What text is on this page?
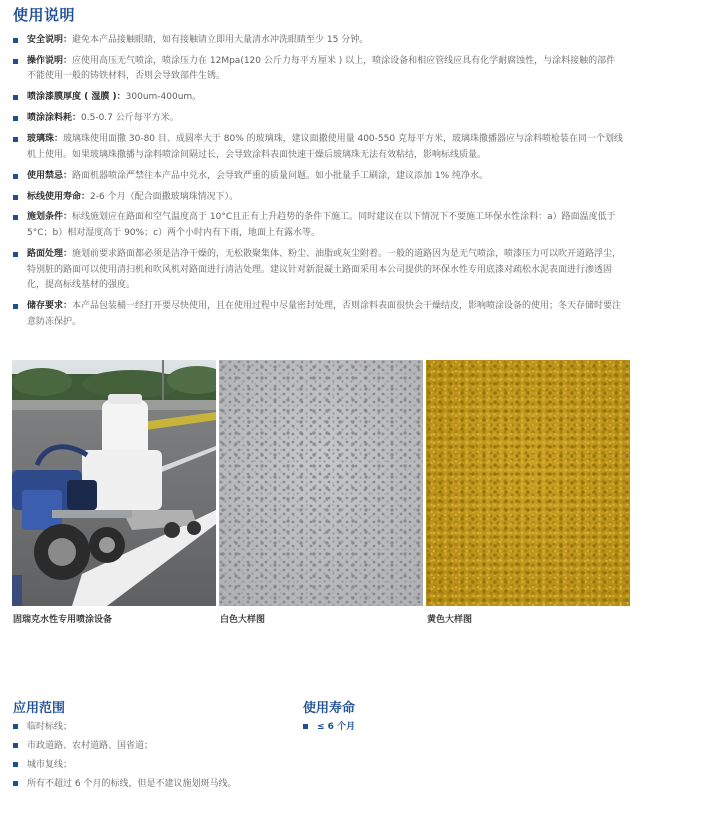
使用说明
安全说明：避免本产品接触眼睛，如有接触请立即用大量清水冲洗眼睛至少 15 分钟。
操作说明：应使用高压无气喷涂，喷涂压力在 12Mpa(120 公斤力每平方厘米 ) 以上，喷涂设备和相应管线应具有化学耐腐蚀性，与涂料接触的部件不能使用一般的铸铁材料，否则会导致部件生锈。
喷涂漆膜厚度 ( 湿膜 )：300um-400um。
喷涂涂料耗：0.5-0.7 公斤每平方米。
玻璃珠：玻璃珠使用面撒 30-80 目、成圆率大于 80% 的玻璃珠，建议面撒使用量 400-550 克每平方米，玻璃珠撒播器应与涂料喷枪装在同一个划线机上使用。如果玻璃珠撒播与涂料喷涂间隔过长，会导致涂料表面快速干燥后玻璃珠无法有效粘结，影响标线质量。
使用禁忌：路面机器喷涂严禁往本产品中兑水，会导致严重的质量问题。如小批量手工刷涂，建议添加 1% 纯净水。
标线使用寿命：2-6 个月（配合面撒玻璃珠情况下）。
施划条件：标线施划应在路面和空气温度高于 10°C且正有上升趋势的条件下施工。同时建议在以下情况下不要施工环保水性涂料：a）路面温度低于 5°C；b）相对湿度高于 90%；c）两个小时内有下雨，地面上有露水等。
路面处理：施划前要求路面都必须是洁净干燥的，无松散聚集体、粉尘、油脂或灰尘附着。一般的道路因为是无气喷涂，喷漆压力可以吹开道路浮尘，特别脏的路面可以使用清扫机和吹风机对路面进行清洁处理。建议针对新混凝土路面采用本公司提供的环保水性专用底漆对疏松水泥表面进行渗透固化，提高标线基材的强度。
储存要求：本产品包装桶一经打开要尽快使用，且在使用过程中尽量密封处理，否则涂料表面很快会干燥结皮，影响喷涂设备的使用；冬天存储时要注意防冻保护。
固瑞克水性专用喷涂设备	白色大样图	黄色大样图
应用范围
临时标线；
市政道路、农村道路、国省道；
城市复线；
所有不超过 6 个月的标线，但是不建议施划斑马线。
使用寿命
≤ 6 个月
